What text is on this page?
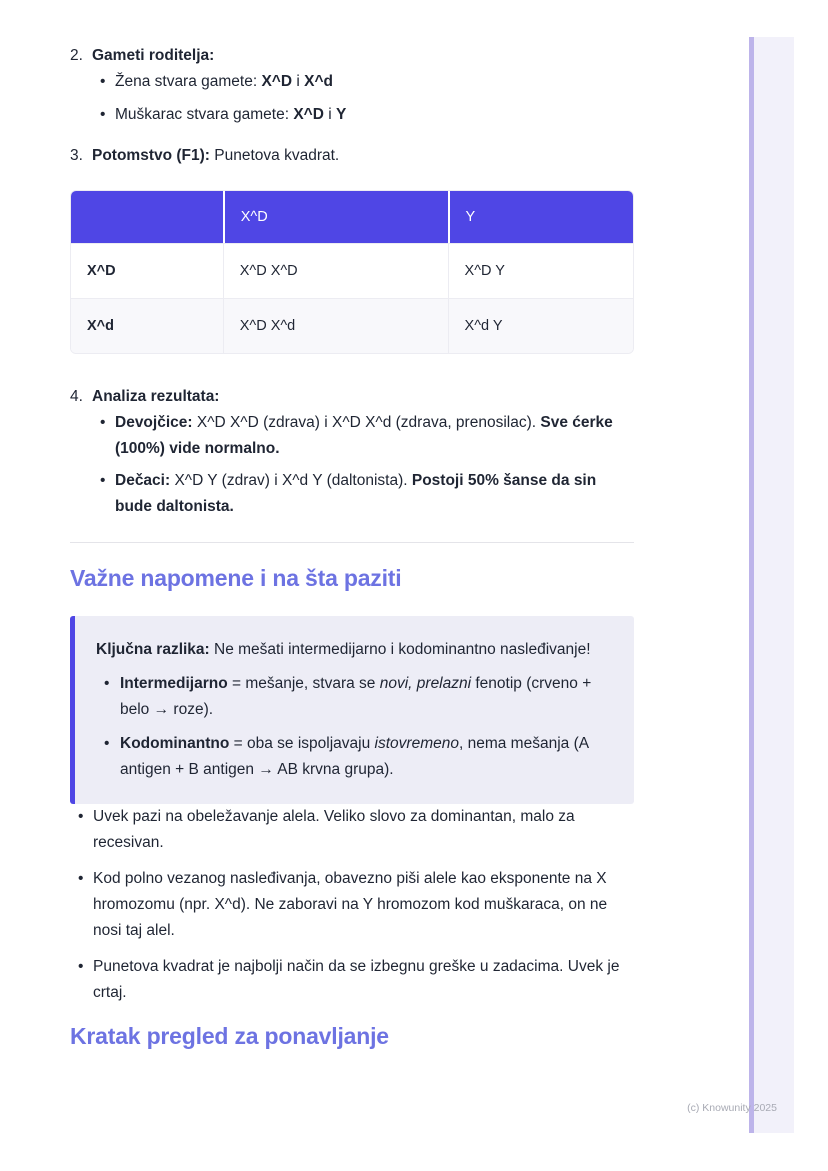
2. Gameti roditelja:

• Žena stvara gamete: X^D i X^d
• Muškarac stvara gamete: X^D i Y
3. Potomstvo (F1): Punetova kvadrat.

	X^D	Y
X^D	X^D X^D	X^D Y
X^d	X^D X^d	X^d Y
4. Analiza rezultata:

• Devojčice: X^D X^D (zdrava) i X^D X^d (zdrava, prenosilac). Sve ćerke (100%) vide normalno.
• Dečaci: X^D Y (zdrav) i X^d Y (daltonista). Postoji 50% šanse da sin bude daltonista.
Važne napomene i na šta paziti

Ključna razlika: Ne mešati intermedijarno i kodominantno nasleđivanje!

• Intermedijarno = mešanje, stvara se novi, prelazni fenotip (crveno + belo → roze).
• Kodominantno = oba se ispoljavaju istovremeno, nema mešanja (A antigen + B antigen → AB krvna grupa).
• Uvek pazi na obeležavanje alela. Veliko slovo za dominantan, malo za recesivan.
• Kod polno vezanog nasleđivanja, obavezno piši alele kao eksponente na X hromozomu (npr. X^d). Ne zaboravi na Y hromozom kod muškaraca, on ne nosi taj alel.
• Punetova kvadrat je najbolji način da se izbegnu greške u zadacima. Uvek je crtaj.
Kratak pregled za ponavljanje
(c) Knowunity 2025
